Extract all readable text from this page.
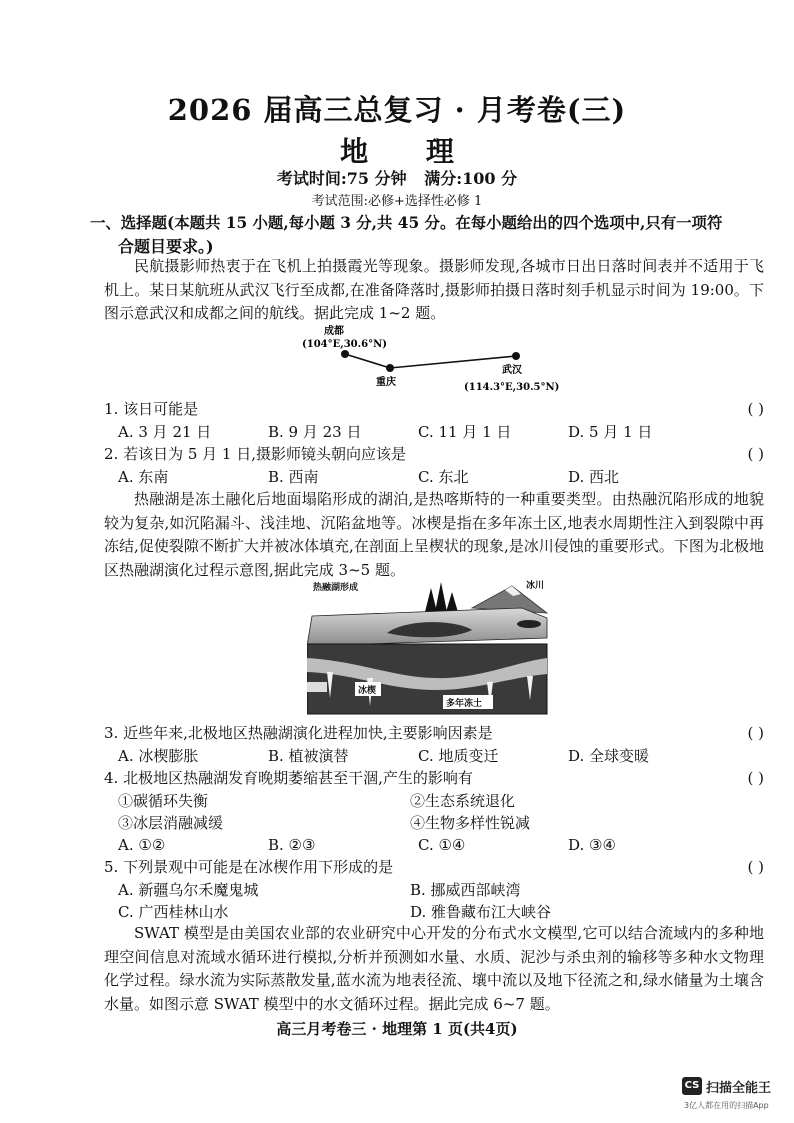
2026 届高三总复习 · 月考卷(三)
地 理
考试时间:75 分钟 满分:100 分
考试范围:必修+选择性必修 1
一、选择题(本题共 15 小题,每小题 3 分,共 45 分。在每小题给出的四个选项中,只有一项符
合题目要求。)
民航摄影师热衷于在飞机上拍摄霞光等现象。摄影师发现,各城市日出日落时间表并不适用于飞机上。某日某航班从武汉飞行至成都,在准备降落时,摄影师拍摄日落时刻手机显示时间为 19:00。下图示意武汉和成都之间的航线。据此完成 1~2 题。
成都
(104°E,30.6°N)
重庆
武汉
(114.3°E,30.5°N)
1. 该日可能是	( )
A. 3 月 21 日	B. 9 月 23 日	C. 11 月 1 日	D. 5 月 1 日
2. 若该日为 5 月 1 日,摄影师镜头朝向应该是	( )
A. 东南	B. 西南	C. 东北	D. 西北
热融湖是冻土融化后地面塌陷形成的湖泊,是热喀斯特的一种重要类型。由热融沉陷形成的地貌较为复杂,如沉陷漏斗、浅洼地、沉陷盆地等。冰楔是指在多年冻土区,地表水周期性注入到裂隙中再冻结,促使裂隙不断扩大并被冰体填充,在剖面上呈楔状的现象,是冰川侵蚀的重要形式。下图为北极地区热融湖演化过程示意图,据此完成 3~5 题。
热融湖形成	冰川
冰楔
多年冻土
3. 近些年来,北极地区热融湖演化进程加快,主要影响因素是	( )
A. 冰楔膨胀	B. 植被演替	C. 地质变迁	D. 全球变暖
4. 北极地区热融湖发育晚期萎缩甚至干涸,产生的影响有	( )
①碳循环失衡	②生态系统退化
③冰层消融减缓	④生物多样性锐减
A. ①②	B. ②③	C. ①④	D. ③④
5. 下列景观中可能是在冰楔作用下形成的是	( )
A. 新疆乌尔禾魔鬼城	B. 挪威西部峡湾
C. 广西桂林山水	D. 雅鲁藏布江大峡谷
SWAT 模型是由美国农业部的农业研究中心开发的分布式水文模型,它可以结合流域内的多种地理空间信息对流域水循环进行模拟,分析并预测如水量、水质、泥沙与杀虫剂的输移等多种水文物理化学过程。绿水流为实际蒸散发量,蓝水流为地表径流、壤中流以及地下径流之和,绿水储量为土壤含水量。如图示意 SWAT 模型中的水文循环过程。据此完成 6~7 题。
高三月考卷三 · 地理第 1 页(共4页)
CS 扫描全能王
3亿人都在用的扫描App
